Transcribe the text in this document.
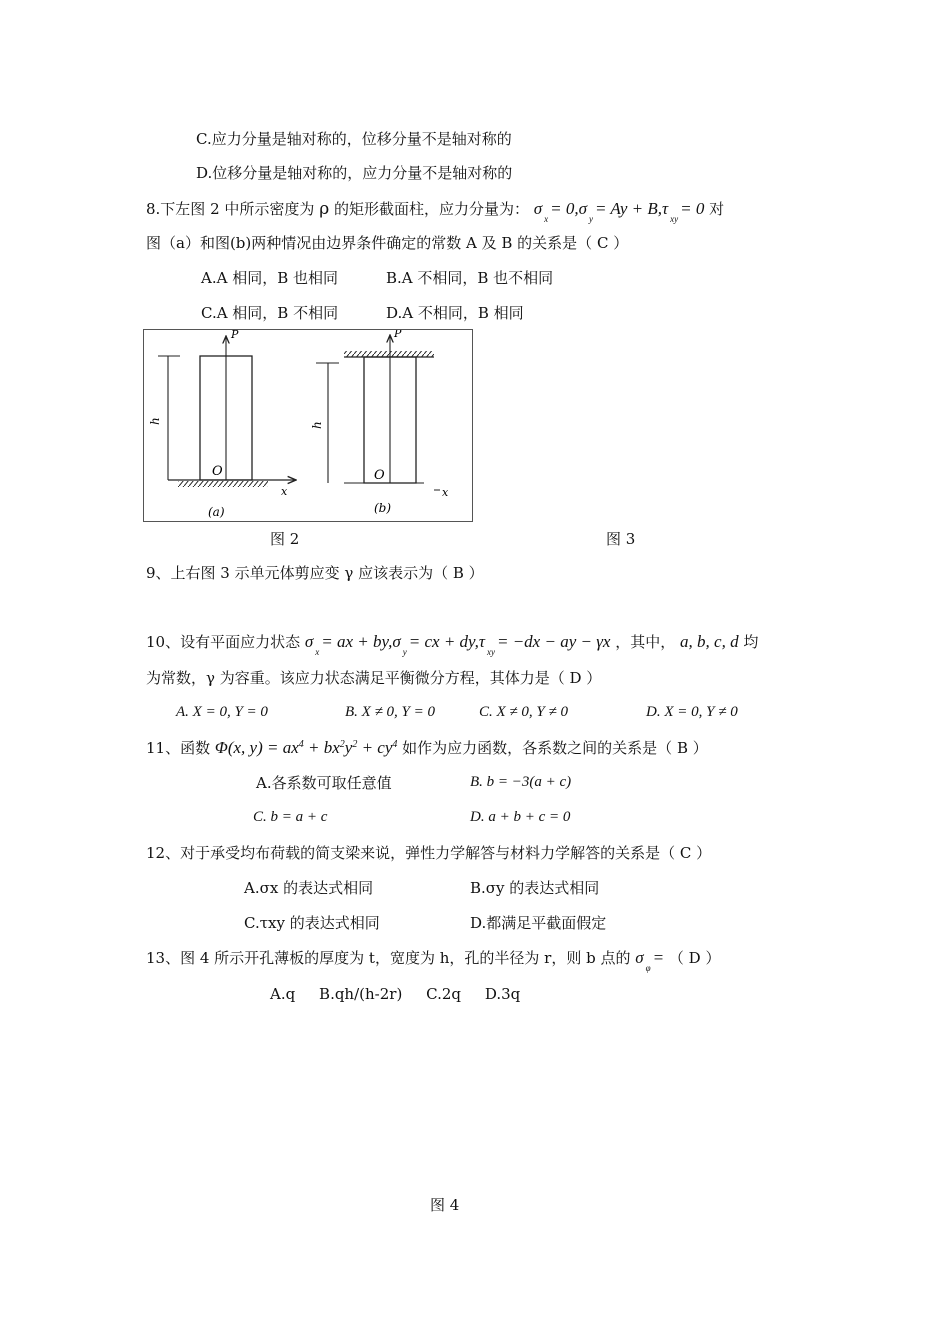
C.应力分量是轴对称的，位移分量不是轴对称的
D.位移分量是轴对称的，应力分量不是轴对称的
8.下左图 2 中所示密度为 ρ 的矩形截面柱，应力分量为： $\sigma_x= 0,\sigma_y= Ay + B,\tau_{xy}= 0$ 对
图（a）和图(b)两种情况由边界条件确定的常数 A 及 B 的关系是（ C ）
A.A 相同，B 也相同	B.A 不相同，B 也不相同
C.A 相同，B 不相同	D.A 不相同，B 相同
P
h
O
x
(a)
P
h
O
x
(b)
图 2	图 3
9、上右图 3 示单元体剪应变 γ 应该表示为（ B ）
10、设有平面应力状态 $\sigma_x=$ ax + $by,\sigma_y=$ cx + $dy,\tau_{xy}= -dx$ − ay − γx ，其中， a, b, c, d 均
为常数，γ 为容重。该应力状态满足平衡微分方程，其体力是（ D ）
A. X = 0, Y = 0	B. X ≠ 0, Y = 0	C. X ≠ 0, Y ≠ 0	D. X = 0, Y ≠ 0
11、函数 Φ(x, $y) = ax^4 + bx^2y^2 + cy^4$ 如作为应力函数，各系数之间的关系是（ B ）
A.各系数可取任意值	B. b = −3(a + c)
C. b = a + c	D. a + b + c = 0
12、对于承受均布荷载的简支梁来说，弹性力学解答与材料力学解答的关系是（ C ）
A.σx 的表达式相同	B.σy 的表达式相同
C.τxy 的表达式相同	D.都满足平截面假定
13、图 4 所示开孔薄板的厚度为 t，宽度为 h，孔的半径为 r，则 b 点的 $\sigma_\varphi=$ （ D ）
A.q     B.qh/(h-2r)     C.2q     D.3q
图 4
